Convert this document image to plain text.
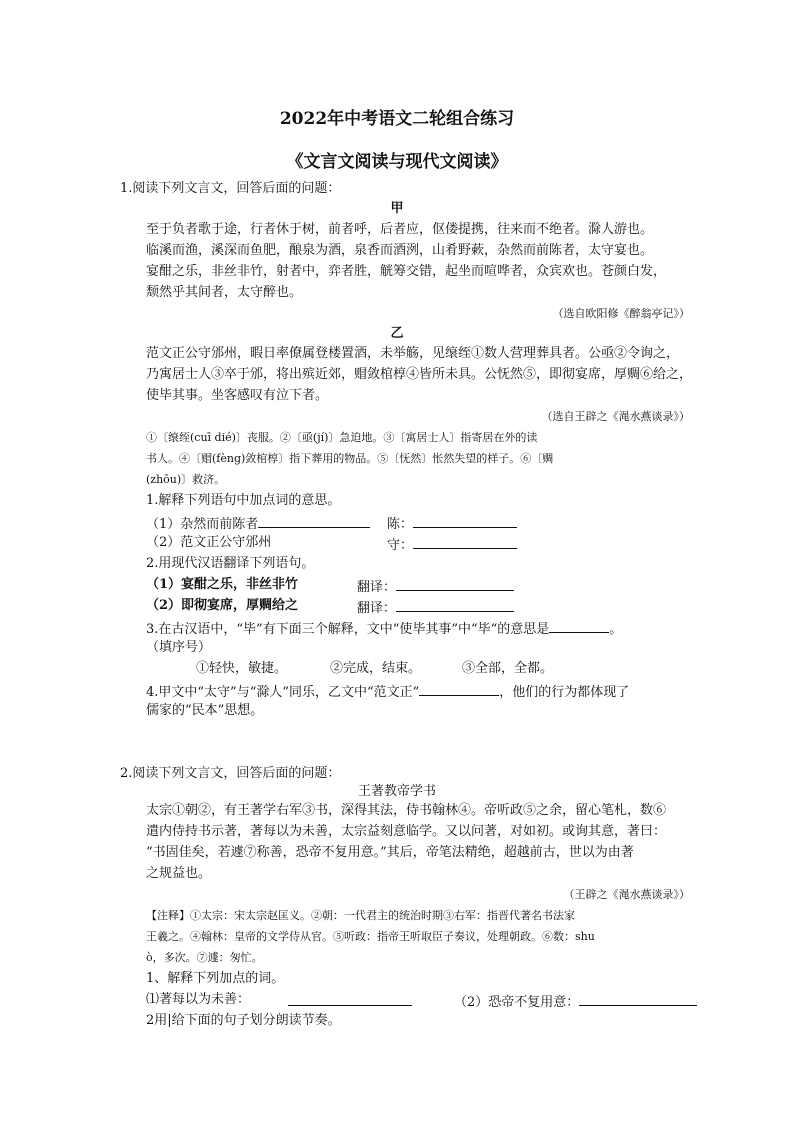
2022年中考语文二轮组合练习
《文言文阅读与现代文阅读》
1.阅读下列文言文，回答后面的问题：
甲
至于负者歌于途，行者休于树，前者呼，后者应，伛偻提携，往来而不绝者。滁人游也。
临溪而渔，溪深而鱼肥，酿泉为酒，泉香而酒洌，山肴野蔌，杂然而前陈者，太守宴也。
宴酣之乐，非丝非竹，射者中，弈者胜，觥筹交错，起坐而喧哗者，众宾欢也。苍颜白发，
颓然乎其间者，太守醉也。
（选自欧阳修《醉翁亭记》）
乙
范文正公守邠州，暇日率僚属登楼置酒，未举觞，见缞绖①数人营理葬具者。公亟②令询之，
乃寓居士人③卒于邠，将出殡近郊，赗敛棺椁④皆所未具。公怃然⑤，即彻宴席，厚赒⑥给之，
使毕其事。坐客感叹有泣下者。
（选自王辟之《渑水燕谈录》）
①〔缞绖(cuī dié)〕丧服。②〔亟(jí)〕急迫地。③〔寓居士人〕指寄居在外的读
书人。④〔赗(fèng)敛棺椁〕指下葬用的物品。⑤〔怃然〕怅然失望的样子。⑥〔赒
(zhōu)〕救济。
1.解释下列语句中加点词的意思。
（1）杂然而前陈者	陈：
（2）范文正公守邠州	守：
2.用现代汉语翻译下列语句。
（1）宴酣之乐，非丝非竹	翻译：
（2）即彻宴席，厚赒给之	翻译：
3.在古汉语中，“毕”有下面三个解释，文中“使毕其事”中“毕“的意思是	。
（填序号）
①轻快，敏捷。	②完成，结束。	③全部，全都。
4.甲文中“太守”与“滁人”同乐，乙文中“范文正”	，他们的行为都体现了
儒家的“民本”思想。
2.阅读下列文言文，回答后面的问题：
王著教帝学书
太宗①朝②，有王著学右军③书，深得其法，侍书翰林④。帝听政⑤之余，留心笔札，数⑥
遣内侍持书示著，著每以为未善，太宗益刻意临学。又以问著，对如初。或询其意，著曰：
“书固佳矣，若遽⑦称善，恐帝不复用意。”其后，帝笔法精绝，超越前古，世以为由著
之规益也。
（王辟之《渑水燕谈录》）
【注释】①太宗：宋太宗赵匡义。②朝：一代君主的统治时期③右军：指晋代著名书法家
王羲之。④翰林：皇帝的文学侍从官。⑤听政：指帝王听取臣子奏议，处理朝政。⑥数：shu
ò，多次。⑦遽：匆忙。
1、解释下列加点的词。
⑴著每以为未善：	（2）恐帝不复用意：
2用|给下面的句子划分朗读节奏。
